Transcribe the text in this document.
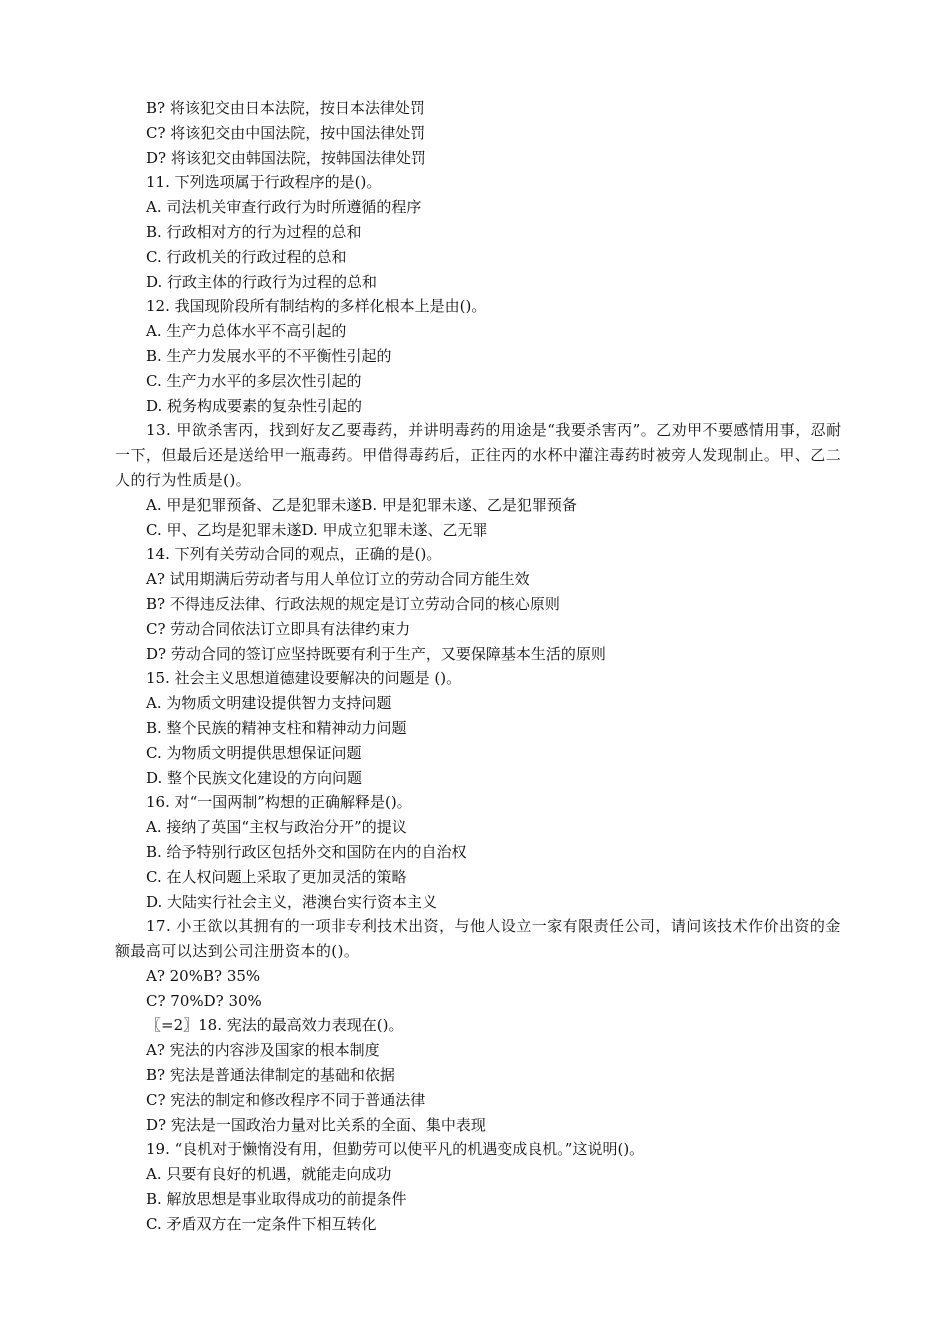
B? 将该犯交由日本法院，按日本法律处罚
C? 将该犯交由中国法院，按中国法律处罚
D? 将该犯交由韩国法院，按韩国法律处罚
11. 下列选项属于行政程序的是()。
A. 司法机关审查行政行为时所遵循的程序
B. 行政相对方的行为过程的总和
C. 行政机关的行政过程的总和
D. 行政主体的行政行为过程的总和
12. 我国现阶段所有制结构的多样化根本上是由()。
A. 生产力总体水平不高引起的
B. 生产力发展水平的不平衡性引起的
C. 生产力水平的多层次性引起的
D. 税务构成要素的复杂性引起的
13. 甲欲杀害丙，找到好友乙要毒药，并讲明毒药的用途是“我要杀害丙”。乙劝甲不要感情用事，忍耐一下，但最后还是送给甲一瓶毒药。甲借得毒药后，正往丙的水杯中灌注毒药时被旁人发现制止。甲、乙二人的行为性质是()。
A. 甲是犯罪预备、乙是犯罪未遂B. 甲是犯罪未遂、乙是犯罪预备
C. 甲、乙均是犯罪未遂D. 甲成立犯罪未遂、乙无罪
14. 下列有关劳动合同的观点，正确的是()。
A? 试用期满后劳动者与用人单位订立的劳动合同方能生效
B? 不得违反法律、行政法规的规定是订立劳动合同的核心原则
C? 劳动合同依法订立即具有法律约束力
D? 劳动合同的签订应坚持既要有利于生产，又要保障基本生活的原则
15. 社会主义思想道德建设要解决的问题是 ()。
A. 为物质文明建设提供智力支持问题
B. 整个民族的精神支柱和精神动力问题
C. 为物质文明提供思想保证问题
D. 整个民族文化建设的方向问题
16. 对“一国两制”构想的正确解释是()。
A. 接纳了英国“主权与政治分开”的提议
B. 给予特别行政区包括外交和国防在内的自治权
C. 在人权问题上采取了更加灵活的策略
D. 大陆实行社会主义，港澳台实行资本主义
17. 小王欲以其拥有的一项非专利技术出资，与他人设立一家有限责任公司，请问该技术作价出资的金额最高可以达到公司注册资本的()。
A? 20%B? 35%
C? 70%D? 30%
〖=2〗18. 宪法的最高效力表现在()。
A? 宪法的内容涉及国家的根本制度
B? 宪法是普通法律制定的基础和依据
C? 宪法的制定和修改程序不同于普通法律
D? 宪法是一国政治力量对比关系的全面、集中表现
19. “良机对于懒惰没有用，但勤劳可以使平凡的机遇变成良机。”这说明()。
A. 只要有良好的机遇，就能走向成功
B. 解放思想是事业取得成功的前提条件
C. 矛盾双方在一定条件下相互转化
